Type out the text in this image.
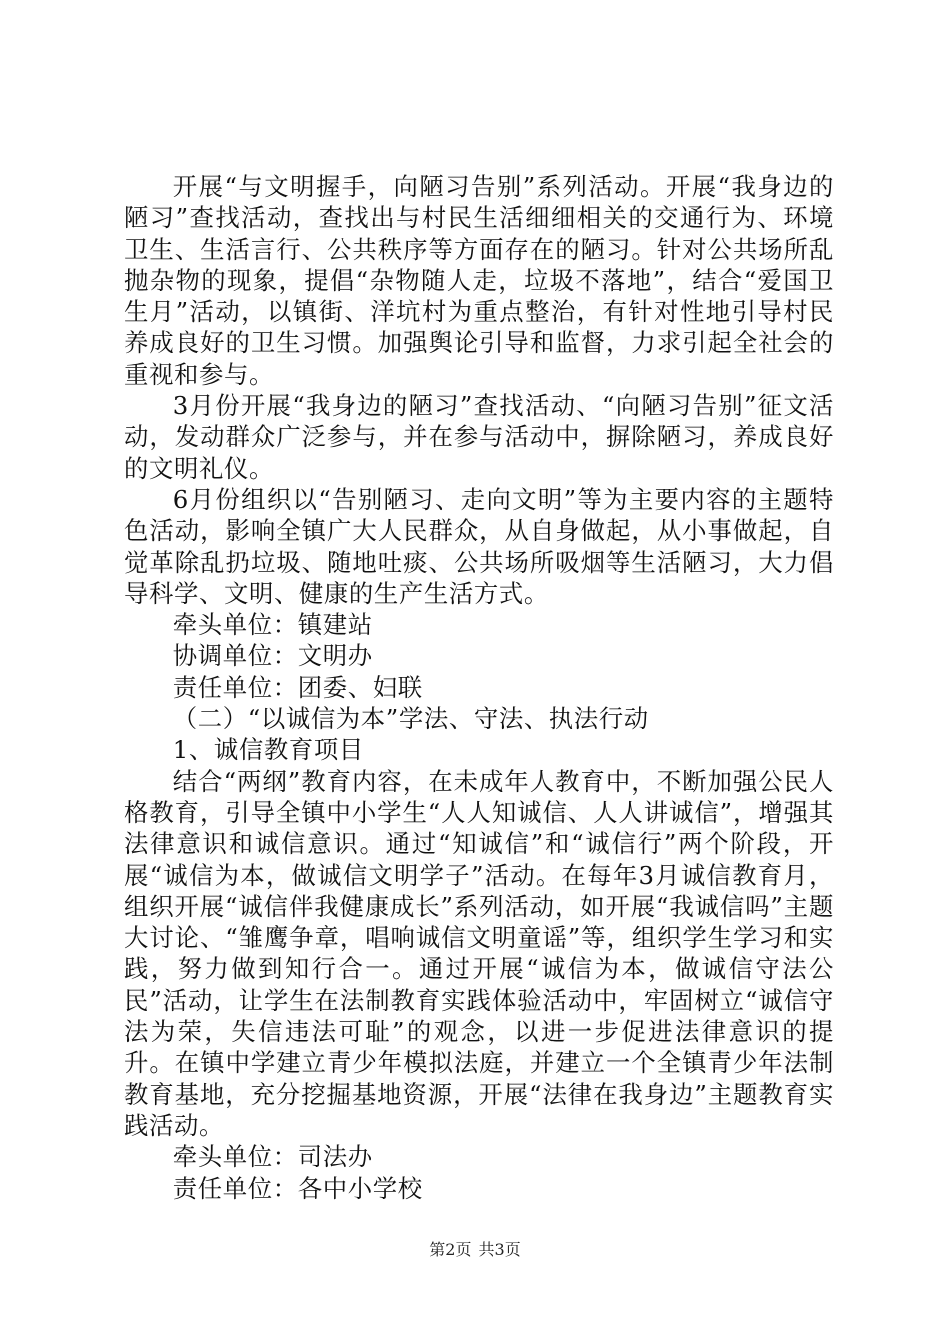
开展“与文明握手，向陋习告别”系列活动。开展“我身边的陋习”查找活动，查找出与村民生活细细相关的交通行为、环境卫生、生活言行、公共秩序等方面存在的陋习。针对公共场所乱抛杂物的现象，提倡“杂物随人走，垃圾不落地”，结合“爱国卫生月”活动，以镇街、洋坑村为重点整治，有针对性地引导村民养成良好的卫生习惯。加强舆论引导和监督，力求引起全社会的重视和参与。

3月份开展“我身边的陋习”查找活动、“向陋习告别”征文活动，发动群众广泛参与，并在参与活动中，摒除陋习，养成良好的文明礼仪。

6月份组织以“告别陋习、走向文明”等为主要内容的主题特色活动，影响全镇广大人民群众，从自身做起，从小事做起，自觉革除乱扔垃圾、随地吐痰、公共场所吸烟等生活陋习，大力倡导科学、文明、健康的生产生活方式。

牵头单位：镇建站

协调单位：文明办

责任单位：团委、妇联

（二）“以诚信为本”学法、守法、执法行动

1、诚信教育项目

结合“两纲”教育内容，在未成年人教育中，不断加强公民人格教育，引导全镇中小学生“人人知诚信、人人讲诚信”，增强其法律意识和诚信意识。通过“知诚信”和“诚信行”两个阶段，开展“诚信为本，做诚信文明学子”活动。在每年3月诚信教育月，组织开展“诚信伴我健康成长”系列活动，如开展“我诚信吗”主题大讨论、“雏鹰争章，唱响诚信文明童谣”等，组织学生学习和实践，努力做到知行合一。通过开展“诚信为本，做诚信守法公民”活动，让学生在法制教育实践体验活动中，牢固树立“诚信守法为荣，失信违法可耻”的观念，以进一步促进法律意识的提升。在镇中学建立青少年模拟法庭，并建立一个全镇青少年法制教育基地，充分挖掘基地资源，开展“法律在我身边”主题教育实践活动。

牵头单位：司法办

责任单位：各中小学校

第2页 共3页
